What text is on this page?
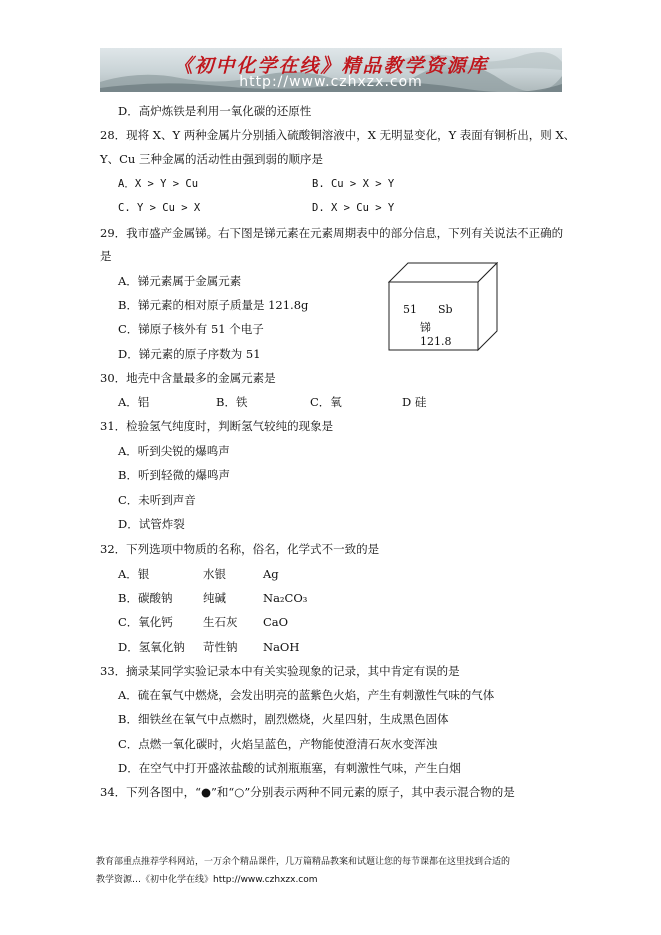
《初中化学在线》精品教学资源库
http://www.czhxzx.com
D．高炉炼铁是利用一氧化碳的还原性
28．现将 X、Y 两种金属片分别插入硫酸铜溶液中，X 无明显变化，Y 表面有铜析出，则 X、
Y、Cu 三种金属的活动性由强到弱的顺序是
A．X > Y > Cu	B. Cu > X > Y
C. Y > Cu > X	D. X > Cu > Y
29．我市盛产金属锑。右下图是锑元素在元素周期表中的部分信息，下列有关说法不正确的
是
A．锑元素属于金属元素
B．锑元素的相对原子质量是 121.8g
C．锑原子核外有 51 个电子
D．锑元素的原子序数为 51
51 Sb
锑
121.8
30．地壳中含量最多的金属元素是
A．铝	B．铁	C．氧	D 硅
31．检验氢气纯度时，判断氢气较纯的现象是
A．听到尖锐的爆鸣声
B．听到轻微的爆鸣声
C．未听到声音
D．试管炸裂
32．下列选项中物质的名称，俗名，化学式不一致的是
A．银	水银	Ag
B．碳酸钠	纯碱	Na₂CO₃
C．氧化钙	生石灰 CaO
D．氢氧化钠 苛性钠 NaOH
33．摘录某同学实验记录本中有关实验现象的记录，其中肯定有误的是
A．硫在氧气中燃烧，会发出明亮的蓝紫色火焰，产生有刺激性气味的气体
B．细铁丝在氧气中点燃时，剧烈燃烧，火星四射，生成黑色固体
C．点燃一氧化碳时，火焰呈蓝色，产物能使澄清石灰水变浑浊
D．在空气中打开盛浓盐酸的试剂瓶瓶塞，有刺激性气味，产生白烟
34．下列各图中，“●”和“○”分别表示两种不同元素的原子，其中表示混合物的是
教育部重点推荐学科网站，一万余个精品课件，几万篇精品教案和试题让您的每节课都在这里找到合适的
教学资源…《初中化学在线》http://www.czhxzx.com
